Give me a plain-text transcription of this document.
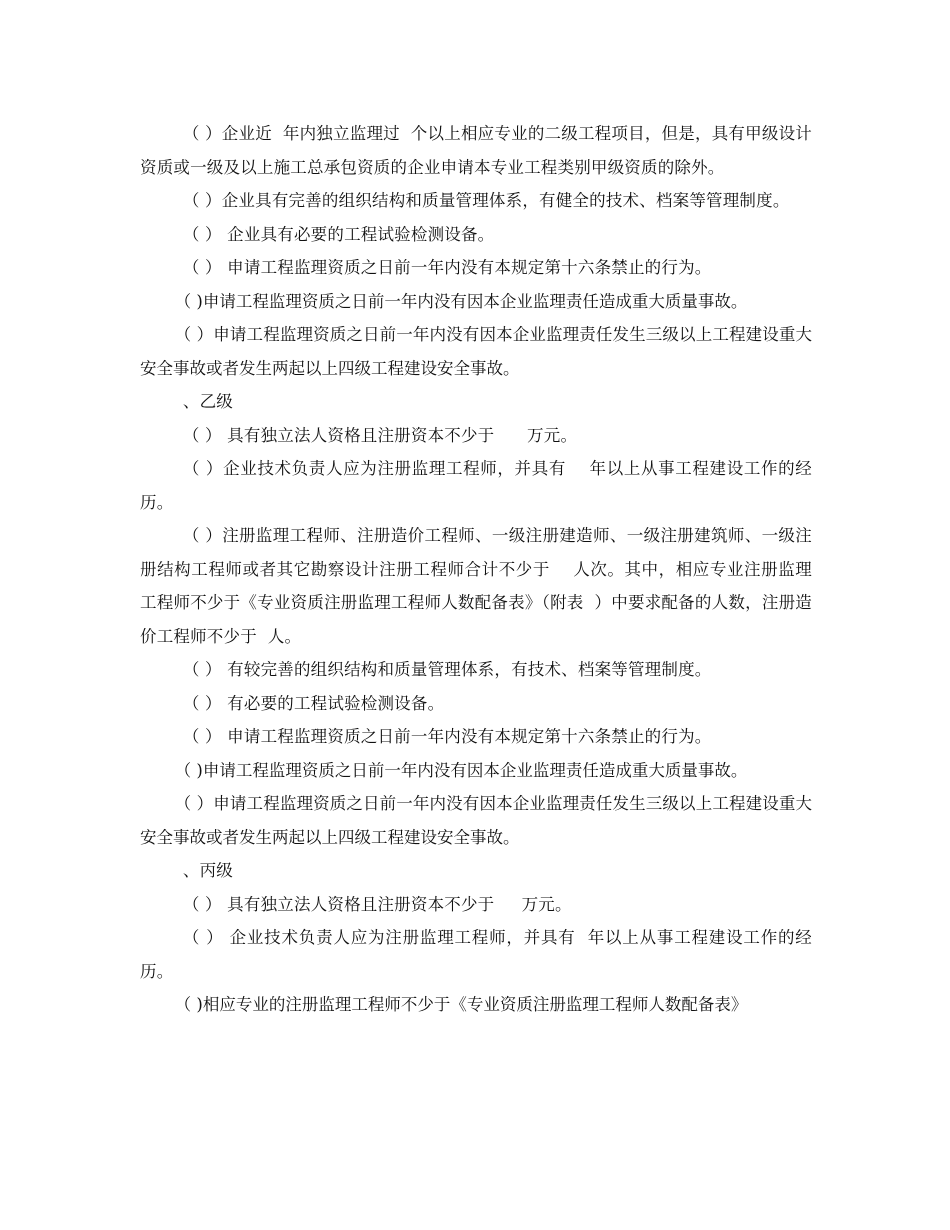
（ ）企业近  年内独立监理过  个以上相应专业的二级工程项目，但是，具有甲级设计资质或一级及以上施工总承包资质的企业申请本专业工程类别甲级资质的除外。

（ ）企业具有完善的组织结构和质量管理体系，有健全的技术、档案等管理制度。

（ ） 企业具有必要的工程试验检测设备。

（ ） 申请工程监理资质之日前一年内没有本规定第十六条禁止的行为。

（ )申请工程监理资质之日前一年内没有因本企业监理责任造成重大质量事故。

（ ）申请工程监理资质之日前一年内没有因本企业监理责任发生三级以上工程建设重大安全事故或者发生两起以上四级工程建设安全事故。

、乙级

（ ） 具有独立法人资格且注册资本不少于      万元。

（ ）企业技术负责人应为注册监理工程师，并具有    年以上从事工程建设工作的经历。

（ ）注册监理工程师、注册造价工程师、一级注册建造师、一级注册建筑师、一级注册结构工程师或者其它勘察设计注册工程师合计不少于    人次。其中，相应专业注册监理工程师不少于《专业资质注册监理工程师人数配备表》（附表  ）中要求配备的人数，注册造价工程师不少于  人。

（ ） 有较完善的组织结构和质量管理体系，有技术、档案等管理制度。

（ ） 有必要的工程试验检测设备。

（ ） 申请工程监理资质之日前一年内没有本规定第十六条禁止的行为。

（ )申请工程监理资质之日前一年内没有因本企业监理责任造成重大质量事故。

（ ）申请工程监理资质之日前一年内没有因本企业监理责任发生三级以上工程建设重大安全事故或者发生两起以上四级工程建设安全事故。

、丙级

（ ） 具有独立法人资格且注册资本不少于     万元。

（ ） 企业技术负责人应为注册监理工程师，并具有  年以上从事工程建设工作的经历。

（ )相应专业的注册监理工程师不少于《专业资质注册监理工程师人数配备表》
